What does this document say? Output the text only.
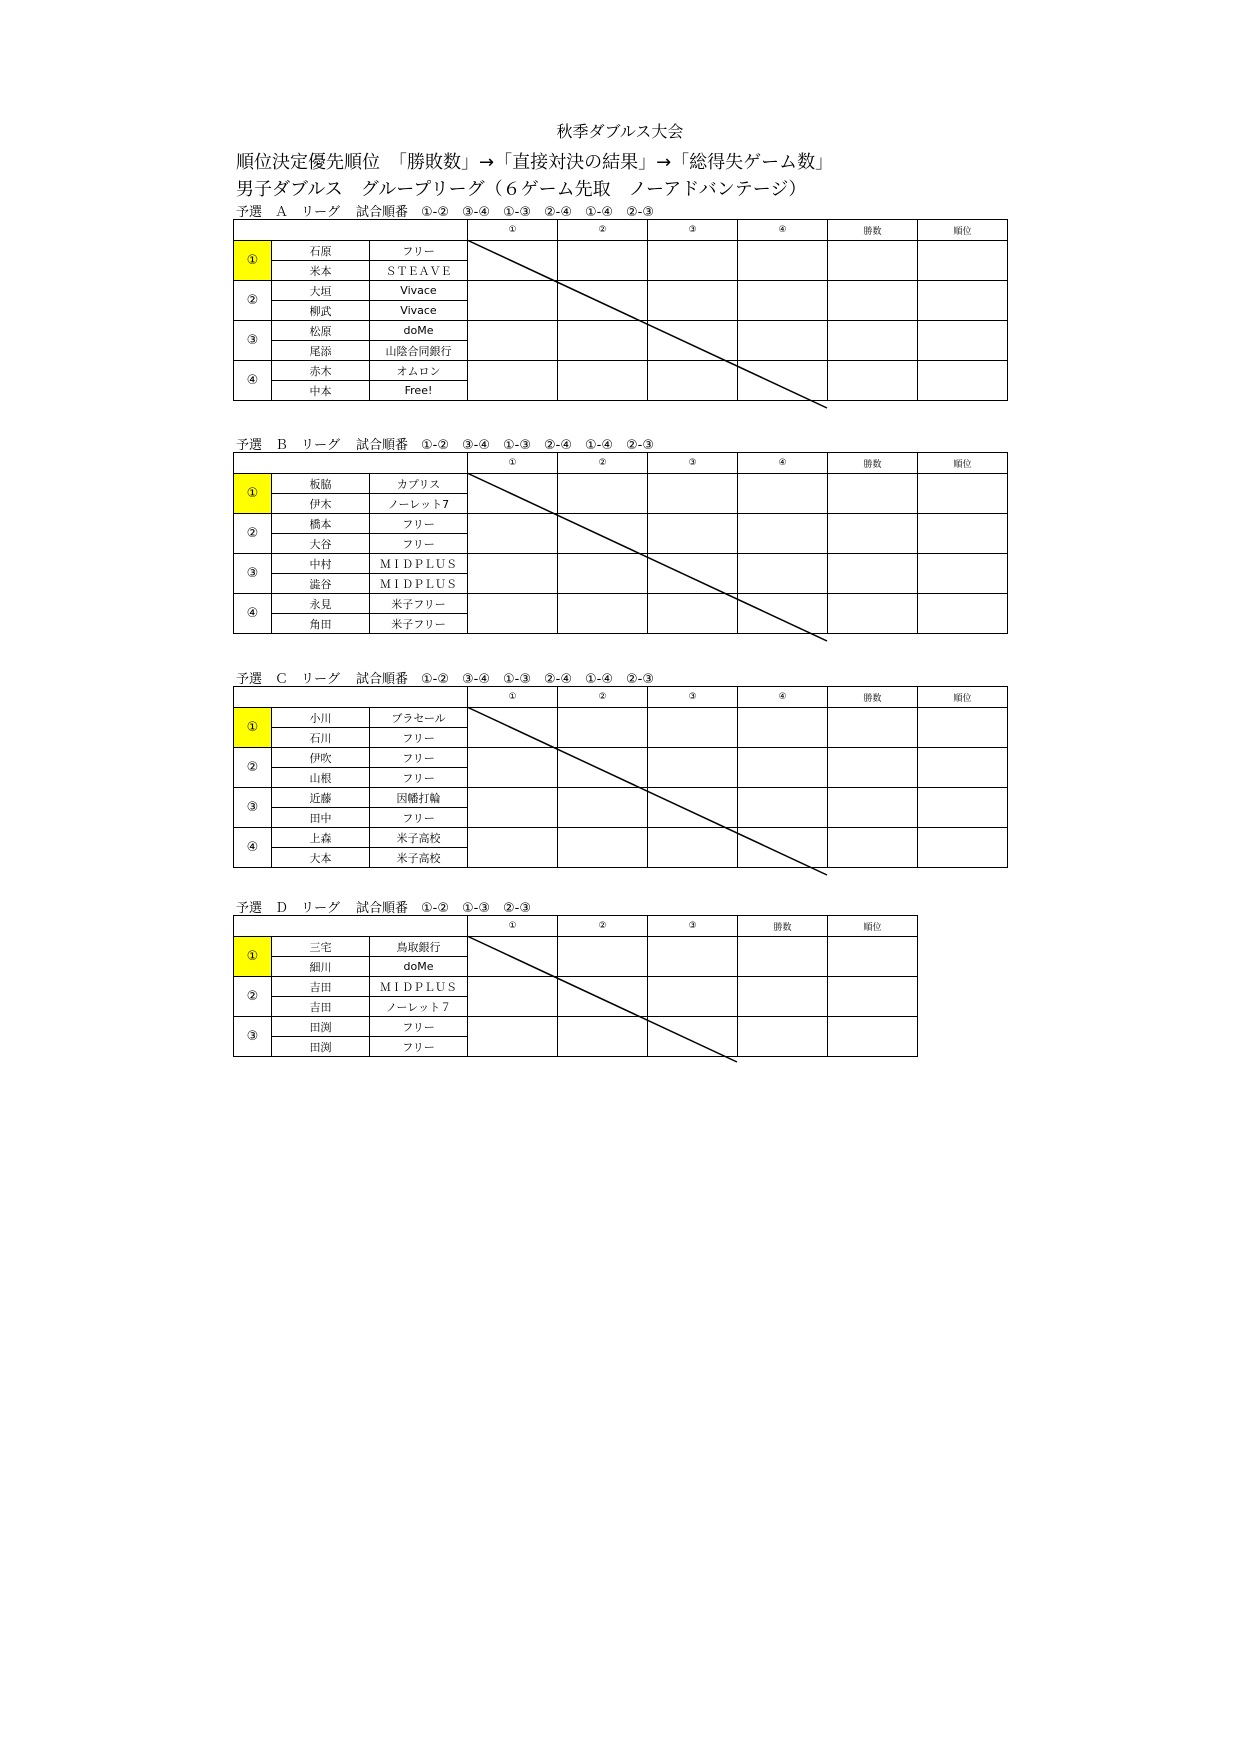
秋季ダブルス大会
順位決定優先順位　「勝敗数」→「直接対決の結果」→「総得失ゲーム数」
男子ダブルス　グループリーグ（６ゲーム先取　ノーアドバンテージ）
予選　Ａ　リーグ 試合順番　①-②　③-④　①-③　②-④　①-④　②-③
			①	②	③	④	勝数	順位
①	石原	フリー						
	米本	ＳＴＥＡＶＥ						
②	大垣	Vivace						
	柳武	Vivace						
③	松原	doMe						
	尾添	山陰合同銀行						
④	赤木	オムロン						
	中本	Free!						
予選　Ｂ　リーグ 試合順番　①-②　③-④　①-③　②-④　①-④　②-③
			①	②	③	④	勝数	順位
①	板脇	カプリス						
	伊木	ノーレット7						
②	橋本	フリー						
	大谷	フリー						
③	中村	ＭＩＤＰＬＵＳ						
	澁谷	ＭＩＤＰＬＵＳ						
④	永見	米子フリー						
	角田	米子フリー						
予選　Ｃ　リーグ 試合順番　①-②　③-④　①-③　②-④　①-④　②-③
			①	②	③	④	勝数	順位
①	小川	ブラセール						
	石川	フリー						
②	伊吹	フリー						
	山根	フリー						
③	近藤	因幡打輪						
	田中	フリー						
④	上森	米子高校						
	大本	米子高校						
予選　Ｄ　リーグ 試合順番　①-②　①-③　②-③
			①	②	③	勝数	順位
①	三宅	鳥取銀行					
	細川	doMe					
②	吉田	ＭＩＤＰＬＵＳ					
	吉田	ノーレット７					
③	田渕	フリー					
	田渕	フリー					
